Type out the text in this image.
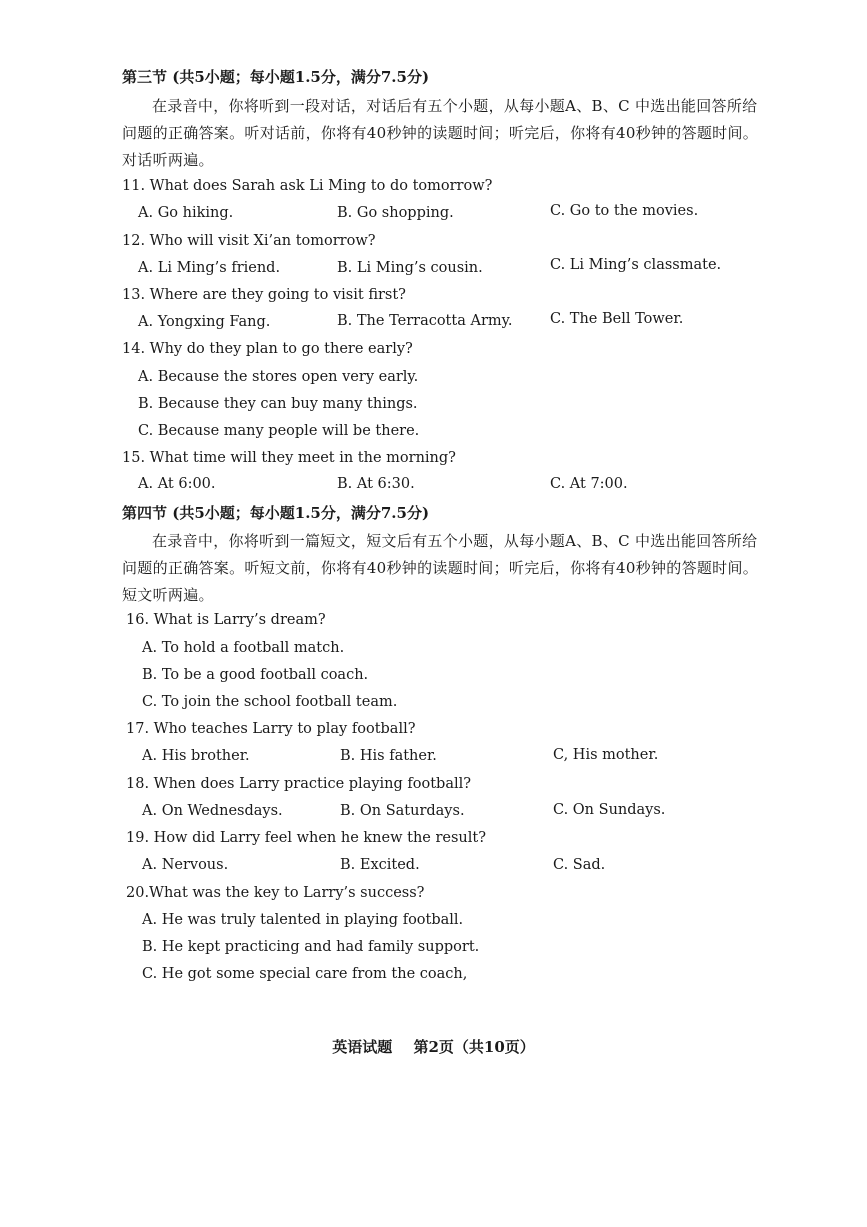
第三节 (共5小题；每小题1.5分，满分7.5分)
在录音中，你将听到一段对话，对话后有五个小题，从每小题A、B、C 中选出能回答所给
问题的正确答案。听对话前，你将有40秒钟的读题时间；听完后，你将有40秒钟的答题时间。
对话听两遍。
11. What does Sarah ask Li Ming to do tomorrow?
A. Go hiking.	B. Go shopping.	C. Go to the movies.
12. Who will visit Xi’an tomorrow?
A. Li Ming’s friend.	B. Li Ming’s cousin.	C. Li Ming’s classmate.
13. Where are they going to visit first?
A. Yongxing Fang.	B. The Terracotta Army.	C. The Bell Tower.
14. Why do they plan to go there early?
A. Because the stores open very early.
B. Because they can buy many things.
C. Because many people will be there.
15. What time will they meet in the morning?
A. At 6:00.	B. At 6:30.	C. At 7:00.
第四节 (共5小题；每小题1.5分，满分7.5分)
在录音中，你将听到一篇短文，短文后有五个小题，从每小题A、B、C 中选出能回答所给
问题的正确答案。听短文前，你将有40秒钟的读题时间；听完后，你将有40秒钟的答题时间。
短文听两遍。
16. What is Larry’s dream?
A. To hold a football match.
B. To be a good football coach.
C. To join the school football team.
17. Who teaches Larry to play football?
A. His brother.	B. His father.	C, His mother.
18. When does Larry practice playing football?
A. On Wednesdays.	B. On Saturdays.	C. On Sundays.
19. How did Larry feel when he knew the result?
A. Nervous.	B. Excited.	C. Sad.
20.What was the key to Larry’s success?
A. He was truly talented in playing football.
B. He kept practicing and had family support.
C. He got some special care from the coach,
英语试题 第2页（共10页）
